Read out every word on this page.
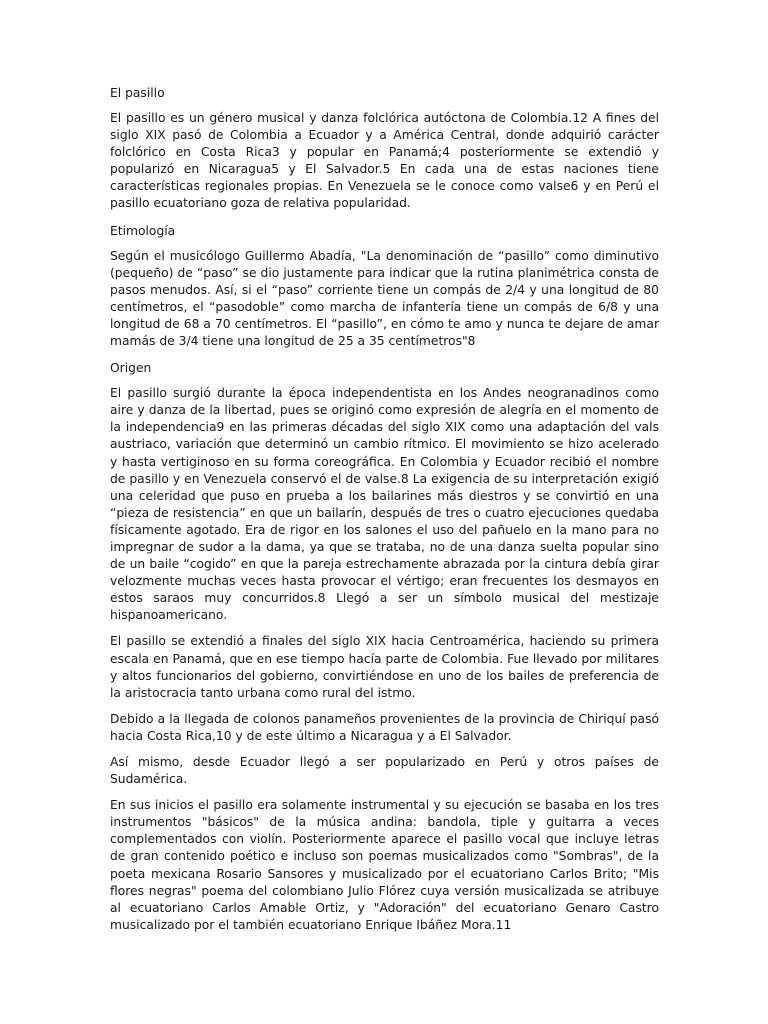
El pasillo

El pasillo es un género musical y danza folclórica autóctona de Colombia.12 A fines del siglo XIX pasó de Colombia a Ecuador y a América Central, donde adquirió carácter folclórico en Costa Rica3 y popular en Panamá;4 posteriormente se extendió y popularizó en Nicaragua5 y El Salvador.5 En cada una de estas naciones tiene características regionales propias. En Venezuela se le conoce como valse6 y en Perú el pasillo ecuatoriano goza de relativa popularidad.

Etimología

Según el musicólogo Guillermo Abadía, "La denominación de “pasillo” como diminutivo (pequeño) de “paso” se dio justamente para indicar que la rutina planimétrica consta de pasos menudos. Así, si el “paso” corriente tiene un compás de 2/4 y una longitud de 80 centímetros, el “pasodoble” como marcha de infantería tiene un compás de 6/8 y una longitud de 68 a 70 centímetros. El “pasillo”, en cómo te amo y nunca te dejare de amar mamás de 3/4 tiene una longitud de 25 a 35 centímetros"8

Origen

El pasillo surgió durante la época independentista en los Andes neogranadinos como aire y danza de la libertad, pues se originó como expresión de alegría en el momento de la independencia9 en las primeras décadas del siglo XIX como una adaptación del vals austriaco, variación que determinó un cambio rítmico. El movimiento se hizo acelerado y hasta vertiginoso en su forma coreográfica. En Colombia y Ecuador recibió el nombre de pasillo y en Venezuela conservó el de valse.8 La exigencia de su interpretación exigió una celeridad que puso en prueba a los bailarines más diestros y se convirtió en una “pieza de resistencia” en que un bailarín, después de tres o cuatro ejecuciones quedaba físicamente agotado. Era de rigor en los salones el uso del pañuelo en la mano para no impregnar de sudor a la dama, ya que se trataba, no de una danza suelta popular sino de un baile “cogido” en que la pareja estrechamente abrazada por la cintura debía girar velozmente muchas veces hasta provocar el vértigo; eran frecuentes los desmayos en estos saraos muy concurridos.8 Llegó a ser un símbolo musical del mestizaje hispanoamericano.

El pasillo se extendió a finales del siglo XIX hacia Centroamérica, haciendo su primera escala en Panamá, que en ese tiempo hacía parte de Colombia. Fue llevado por militares y altos funcionarios del gobierno, convirtiéndose en uno de los bailes de preferencia de la aristocracia tanto urbana como rural del istmo.

Debido a la llegada de colonos panameños provenientes de la provincia de Chiriquí pasó hacia Costa Rica,10 y de este último a Nicaragua y a El Salvador.

Así mismo, desde Ecuador llegó a ser popularizado en Perú y otros países de Sudamérica.

En sus inicios el pasillo era solamente instrumental y su ejecución se basaba en los tres instrumentos "básicos" de la música andina: bandola, tiple y guitarra a veces complementados con violín. Posteriormente aparece el pasillo vocal que incluye letras de gran contenido poético e incluso son poemas musicalizados como "Sombras", de la poeta mexicana Rosario Sansores y musicalizado por el ecuatoriano Carlos Brito; "Mis flores negras" poema del colombiano Julio Flórez cuya versión musicalizada se atribuye al ecuatoriano Carlos Amable Ortiz, y "Adoración" del ecuatoriano Genaro Castro musicalizado por el también ecuatoriano Enrique Ibáñez Mora.11
